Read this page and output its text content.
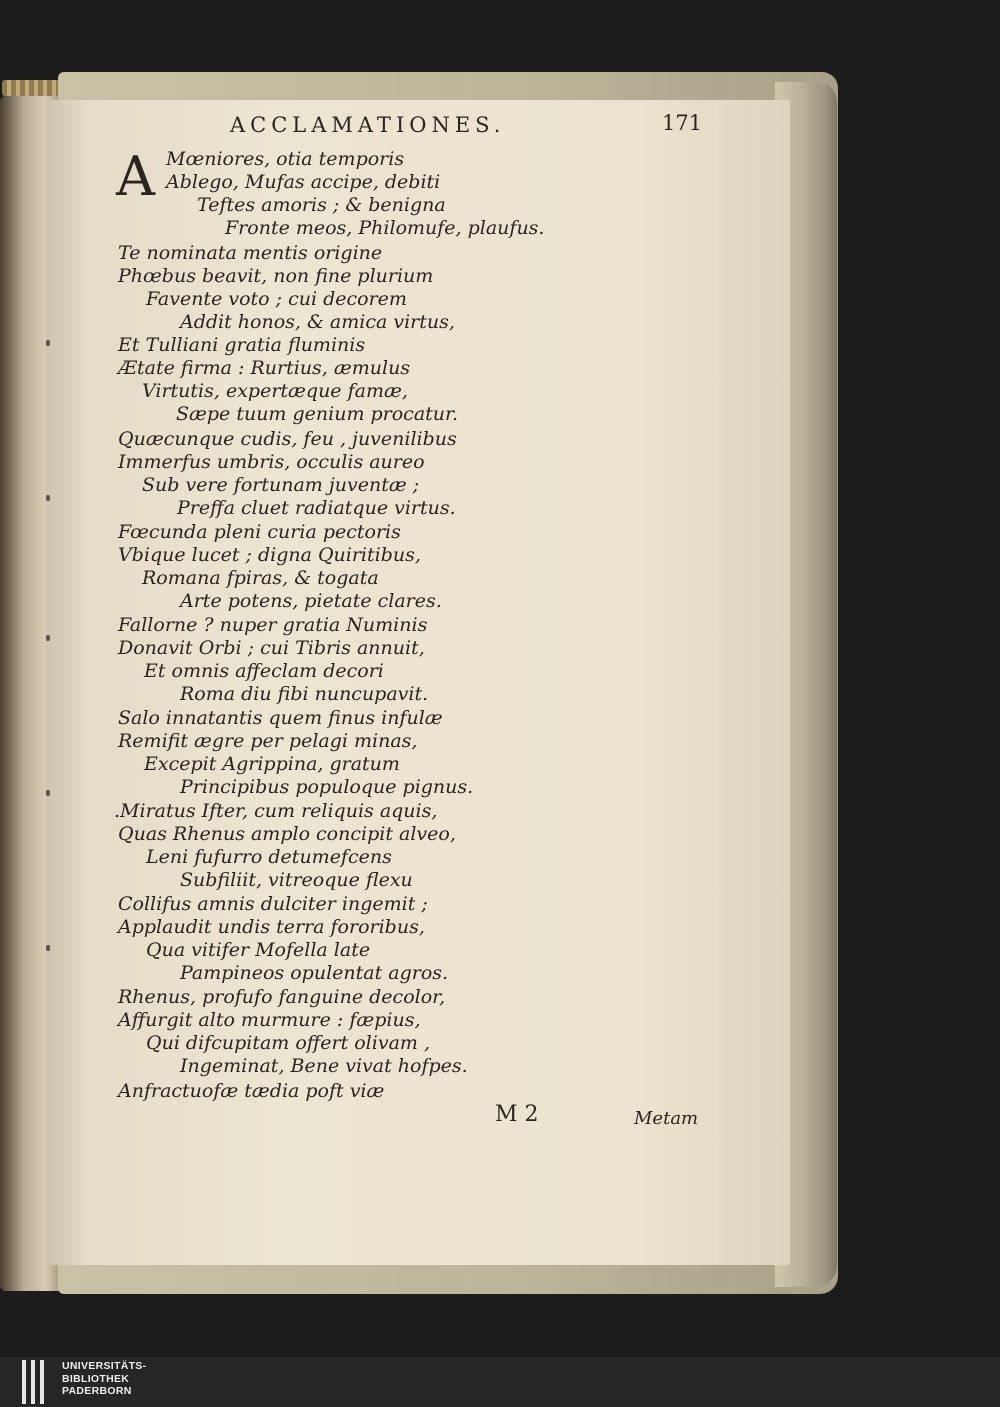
ACCLAMATIONES.	171
A Mœniores, otia temporis
Ablego, Mufas accipe, debiti
Teftes amoris ; & benigna
Fronte meos, Philomufe, plaufus.
Te nominata mentis origine
Phœbus beavit, non fine plurium
Favente voto ; cui decorem
Addit honos, & amica virtus,
Et Tulliani gratia fluminis
Ætate firma : Rurtius, æmulus
Virtutis, expertæque famæ,
Sæpe tuum genium procatur.
Quæcunque cudis, feu , juvenilibus
Immerfus umbris, occulis aureo
Sub vere fortunam juventæ ;
Preffa cluet radiatque virtus.
Fœcunda pleni curia pectoris
Vbique lucet ; digna Quiritibus,
Romana fpiras, & togata
Arte potens, pietate clares.
Fallorne ? nuper gratia Numinis
Donavit Orbi ; cui Tibris annuit,
Et omnis affeclam decori
Roma diu fibi nuncupavit.
Salo innatantis quem finus infulæ
Remifit ægre per pelagi minas,
Excepit Agrippina, gratum
Principibus populoque pignus.
.Miratus Ifter, cum reliquis aquis,
Quas Rhenus amplo concipit alveo,
Leni fufurro detumefcens
Subfiliit, vitreoque flexu
Collifus amnis dulciter ingemit ;
Applaudit undis terra fororibus,
Qua vitifer Mofella late
Pampineos opulentat agros.
Rhenus, profufo fanguine decolor,
Affurgit alto murmure : fæpius,
Qui difcupitam offert olivam ,
Ingeminat, Bene vivat hofpes.
Anfractuofæ tædia poft viæ
M 2	Metam
UNIVERSITÄTS-
BIBLIOTHEK
PADERBORN
